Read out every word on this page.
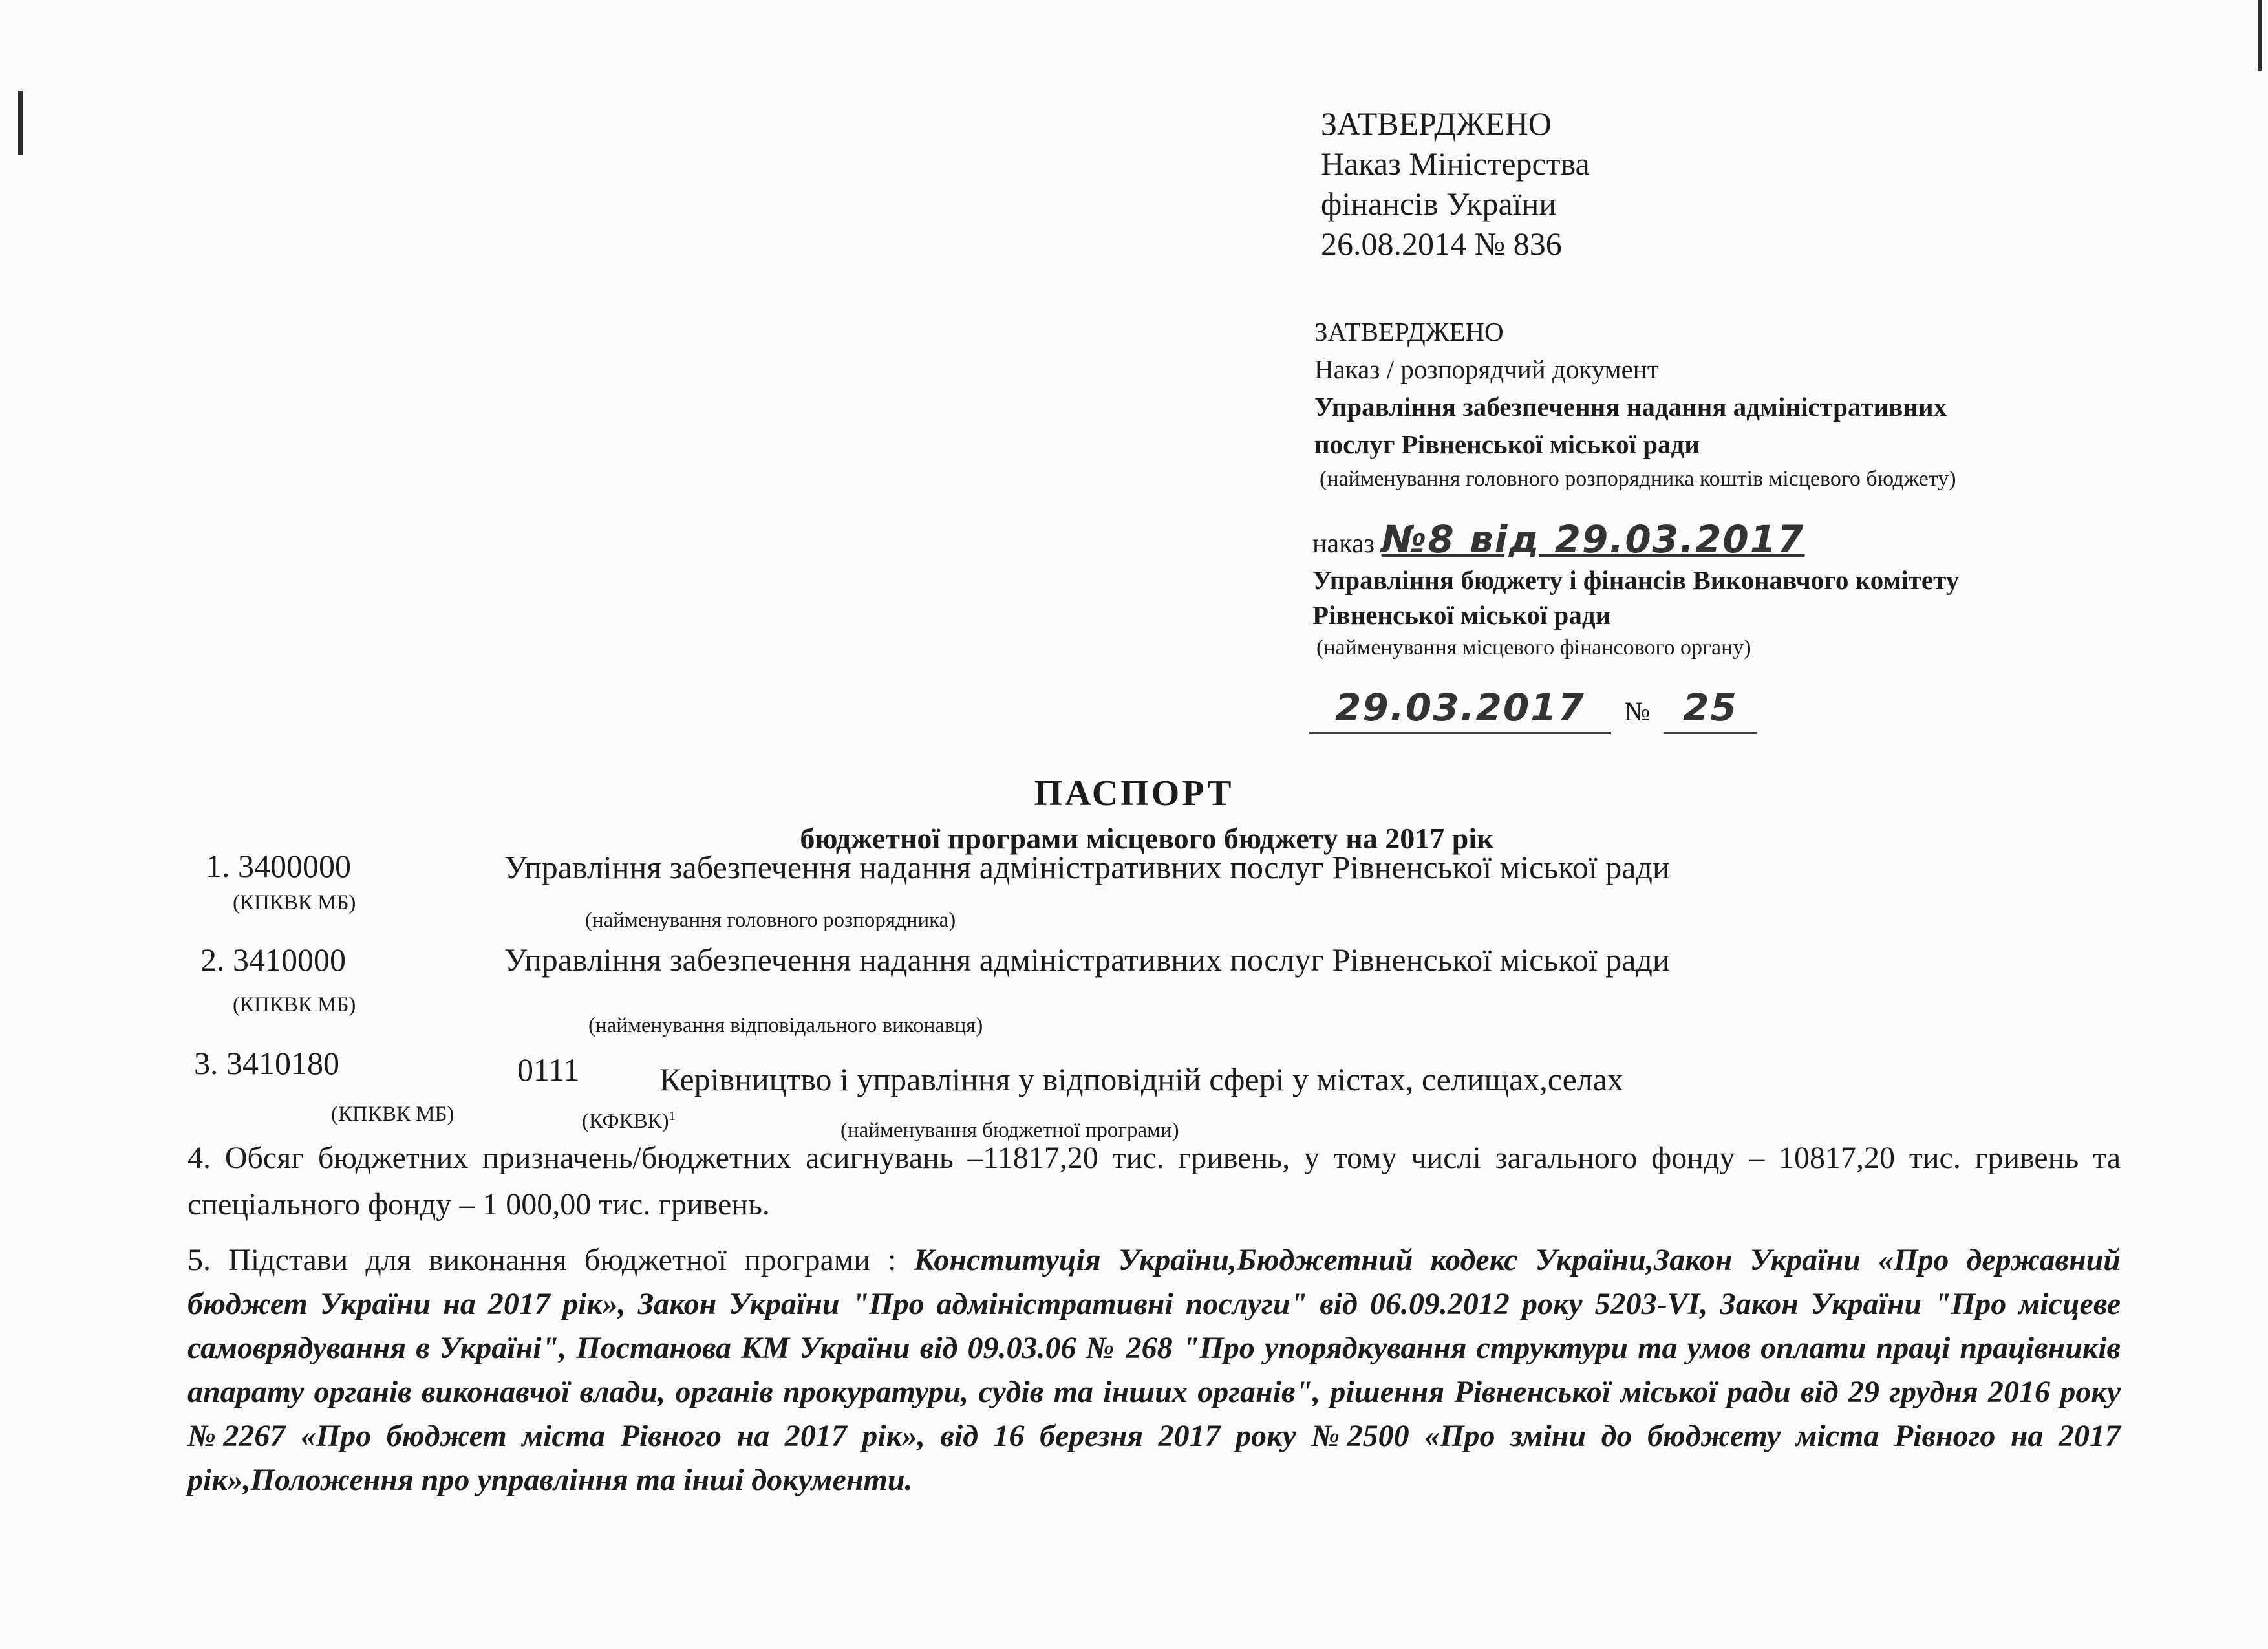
ЗАТВЕРДЖЕНО
Наказ Міністерства
фінансів України
26.08.2014 № 836
ЗАТВЕРДЖЕНО
Наказ / розпорядчий документ
Управління забезпечення надання адміністративних
послуг Рівненської міської ради
(найменування головного розпорядника коштів місцевого бюджету)
наказ №8 від 29.03.2017
Управління бюджету і фінансів Виконавчого комітету
Рівненської міської ради
(найменування місцевого фінансового органу)
29.03.2017 № 25
ПАСПОРТ
бюджетної програми місцевого бюджету на 2017 рік
1. 3400000
(КПКВК МБ)
Управління забезпечення надання адміністративних послуг Рівненської міської ради
(найменування головного розпорядника)
2. 3410000
(КПКВК МБ)
Управління забезпечення надання адміністративних послуг Рівненської міської ради
(найменування відповідального виконавця)
3. 3410180
(КПКВК МБ)
0111
(КФКВК)$^1$
Керівництво і управління у відповідній сфері у містах, селищах,селах
(найменування бюджетної програми)
4. Обсяг бюджетних призначень/бюджетних асигнувань –11817,20 тис. гривень, у тому числі загального фонду – 10817,20 тис. гривень та спеціального фонду – 1 000,00 тис. гривень.
5. Підстави для виконання бюджетної програми : Конституція України,Бюджетний кодекс України,Закон України «Про державний бюджет України на 2017 рік», Закон України "Про адміністративні послуги" від 06.09.2012 року 5203-VI, Закон України "Про місцеве самоврядування в Україні", Постанова КМ України від 09.03.06 № 268 "Про упорядкування структури та умов оплати праці працівників апарату органів виконавчої влади, органів прокуратури, судів та інших органів", рішення Рівненської міської ради від 29 грудня 2016 року №2267 «Про бюджет міста Рівного на 2017 рік», від 16 березня 2017 року №2500 «Про зміни до бюджету міста Рівного на 2017 рік»,Положення про управління та інші документи.
